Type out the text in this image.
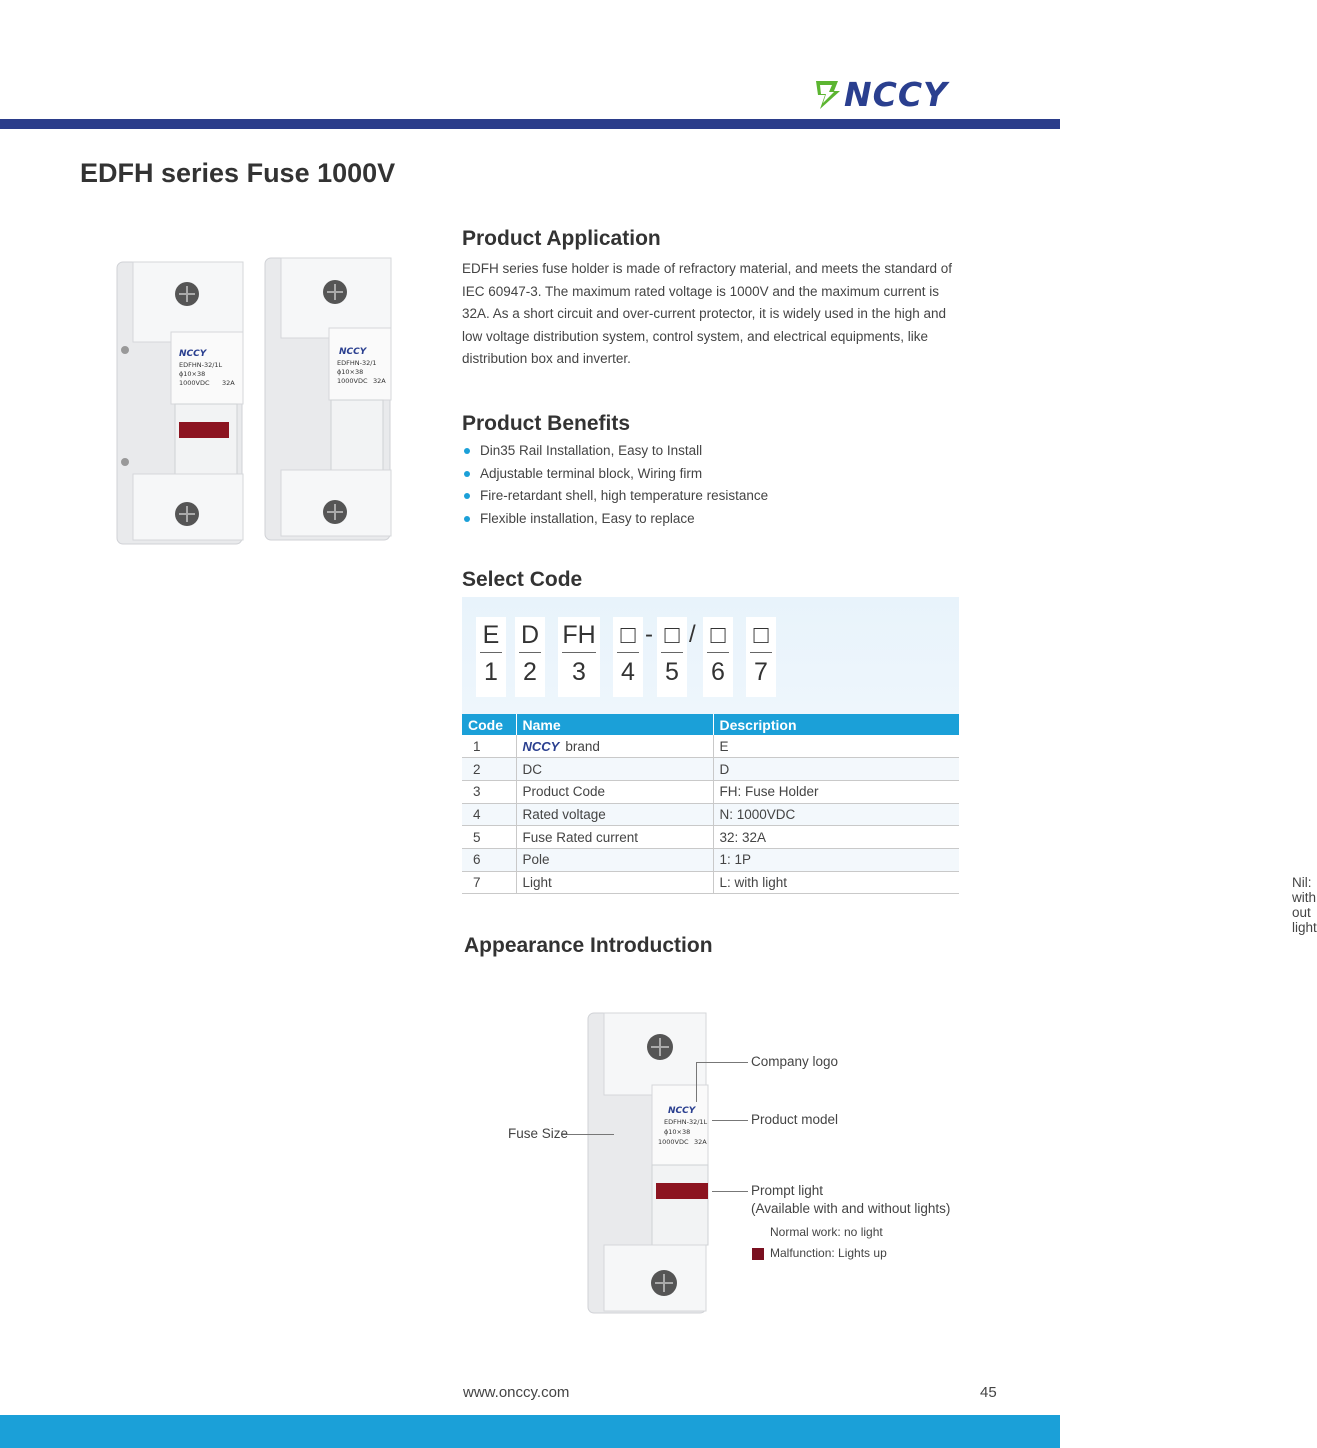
NCCY
EDFH series Fuse 1000V
NCCY
EDFHN-32/1L
ϕ10×38
1000VDC 32A
NCCY
EDFHN-32/1
ϕ10×38
1000VDC 32A
Product Application

EDFH series fuse holder is made of refractory material, and meets the standard of IEC 60947-3. The maximum rated voltage is 1000V and the maximum current is 32A. As a short circuit and over-current protector, it is widely used in the high and low voltage distribution system, control system, and electrical equipments, like distribution box and inverter.

Product Benefits
Din35 Rail Installation, Easy to Install
Adjustable terminal block, Wiring firm
Fire-retardant shell, high temperature resistance
Flexible installation, Easy to replace
Select Code
E
1
D
2
FH
3
□
4
- □
5
/ □
6
□
7
Code	Name	Description
1	NCCY brand	E
2	DC	D
3	Product Code	FH: Fuse Holder
4	Rated voltage	N: 1000VDC
5	Fuse Rated current	32: 32A
6	Pole	1: 1P
7	Light	L: with light Nil: with out light
Appearance Introduction
NCCY
EDFHN-32/1L
ϕ10×38
1000VDC 32A
Company logo
Product model
Fuse Size
Prompt light
(Available with and without lights)
Normal work: no light
Malfunction: Lights up
www.onccy.com	45
